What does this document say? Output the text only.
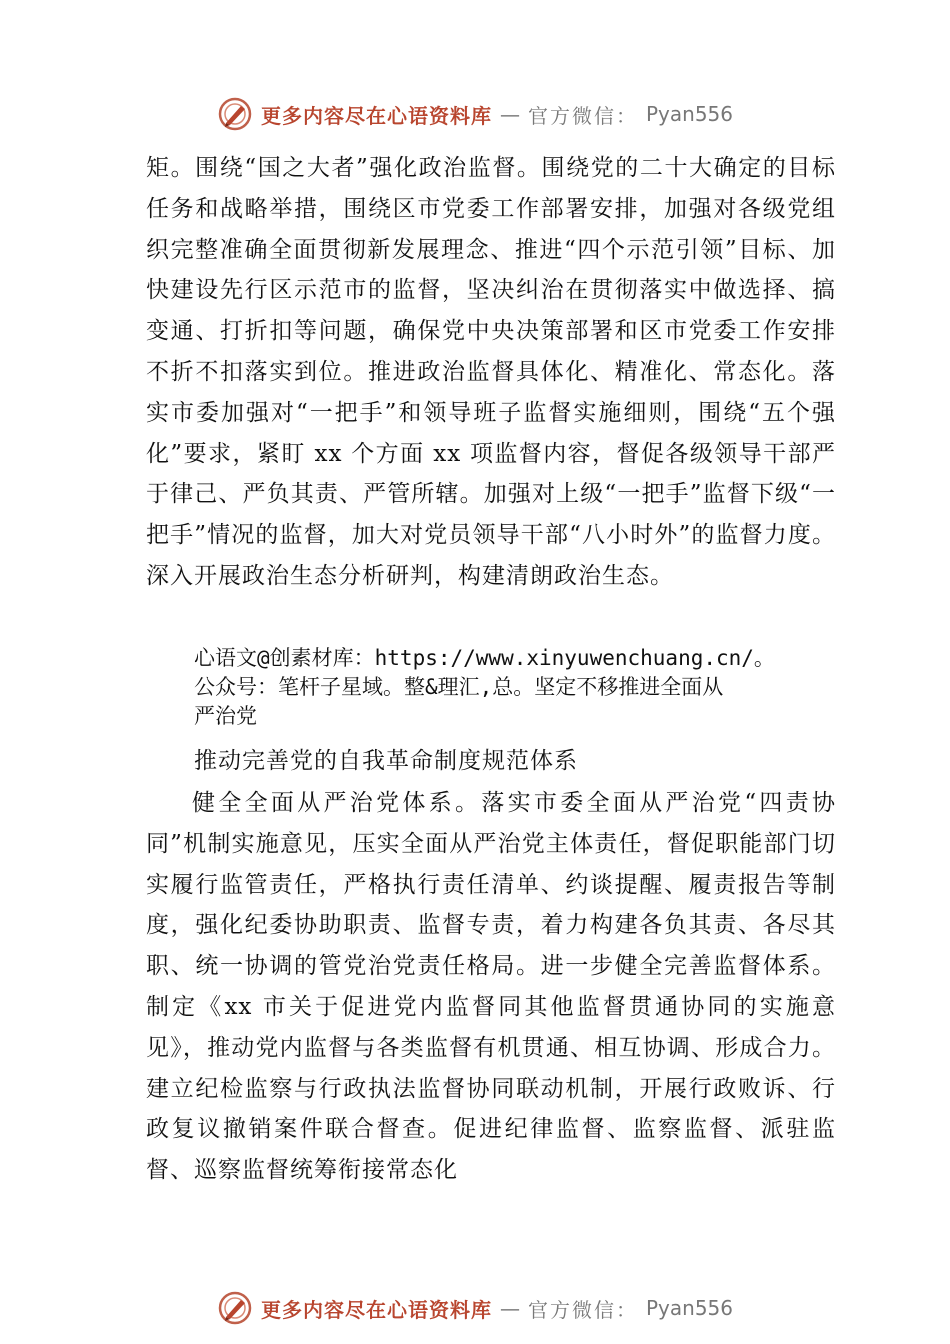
更多内容尽在心语资料库 — 官方微信： Pyan556

矩。围绕“国之大者”强化政治监督。围绕党的二十大确定的目标任务和战略举措，围绕区市党委工作部署安排，加强对各级党组织完整准确全面贯彻新发展理念、推进“四个示范引领”目标、加快建设先行区示范市的监督，坚决纠治在贯彻落实中做选择、搞变通、打折扣等问题，确保党中央决策部署和区市党委工作安排不折不扣落实到位。推进政治监督具体化、精准化、常态化。落实市委加强对“一把手”和领导班子监督实施细则，围绕“五个强化”要求，紧盯 xx 个方面 xx 项监督内容，督促各级领导干部严于律己、严负其责、严管所辖。加强对上级“一把手”监督下级“一把手”情况的监督，加大对党员领导干部“八小时外”的监督力度。深入开展政治生态分析研判，构建清朗政治生态。

心语文@创素材库：https://www.xinyuwenchuang.cn/。

公众号：笔杆子星域。整&理汇,总。坚定不移推进全面从

严治党

推动完善党的自我革命制度规范体系

健全全面从严治党体系。落实市委全面从严治党“四责协同”机制实施意见，压实全面从严治党主体责任，督促职能部门切实履行监管责任，严格执行责任清单、约谈提醒、履责报告等制度，强化纪委协助职责、监督专责，着力构建各负其责、各尽其职、统一协调的管党治党责任格局。进一步健全完善监督体系。制定《xx 市关于促进党内监督同其他监督贯通协同的实施意见》，推动党内监督与各类监督有机贯通、相互协调、形成合力。建立纪检监察与行政执法监督协同联动机制，开展行政败诉、行政复议撤销案件联合督查。促进纪律监督、监察监督、派驻监督、巡察监督统筹衔接常态化

更多内容尽在心语资料库 — 官方微信： Pyan556
